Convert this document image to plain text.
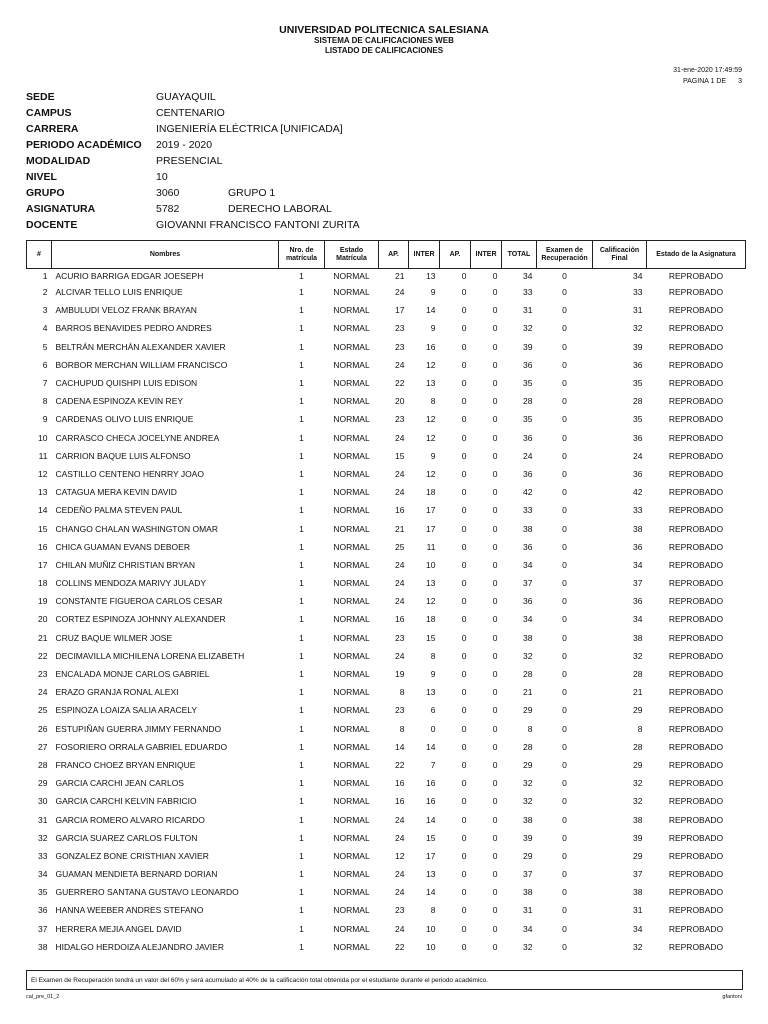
UNIVERSIDAD POLITECNICA SALESIANA
SISTEMA DE CALIFICACIONES WEB
LISTADO DE CALIFICACIONES
31-ene-2020 17:49:59
PAGINA 1 DE 3
SEDE	GUAYAQUIL
CAMPUS	CENTENARIO
CARRERA	INGENIERÍA ELÉCTRICA [UNIFICADA]
PERIODO ACADÉMICO	2019 - 2020
MODALIDAD	PRESENCIAL
NIVEL	10
GRUPO	3060	GRUPO 1
ASIGNATURA	5782	DERECHO LABORAL
DOCENTE	GIOVANNI FRANCISCO FANTONI ZURITA
#	Nombres	Nro. de matrícula	Estado Matrícula	AP.	INTER	AP.	INTER	TOTAL	Examen de Recuperación	Calificación Final	Estado de la Asignatura
1	ACURIO BARRIGA EDGAR JOESEPH	1	NORMAL	21	13	0	0	34	0	34	REPROBADO
2	ALCIVAR TELLO LUIS ENRIQUE	1	NORMAL	24	9	0	0	33	0	33	REPROBADO
3	AMBULUDI VELOZ FRANK BRAYAN	1	NORMAL	17	14	0	0	31	0	31	REPROBADO
4	BARROS BENAVIDES PEDRO ANDRES	1	NORMAL	23	9	0	0	32	0	32	REPROBADO
5	BELTRÁN MERCHÁN ALEXANDER XAVIER	1	NORMAL	23	16	0	0	39	0	39	REPROBADO
6	BORBOR MERCHAN WILLIAM FRANCISCO	1	NORMAL	24	12	0	0	36	0	36	REPROBADO
7	CACHUPUD QUISHPI LUIS EDISON	1	NORMAL	22	13	0	0	35	0	35	REPROBADO
8	CADENA ESPINOZA KEVIN REY	1	NORMAL	20	8	0	0	28	0	28	REPROBADO
9	CARDENAS OLIVO LUIS ENRIQUE	1	NORMAL	23	12	0	0	35	0	35	REPROBADO
10	CARRASCO CHECA JOCELYNE ANDREA	1	NORMAL	24	12	0	0	36	0	36	REPROBADO
11	CARRION BAQUE LUIS ALFONSO	1	NORMAL	15	9	0	0	24	0	24	REPROBADO
12	CASTILLO CENTENO HENRRY JOAO	1	NORMAL	24	12	0	0	36	0	36	REPROBADO
13	CATAGUA MERA KEVIN DAVID	1	NORMAL	24	18	0	0	42	0	42	REPROBADO
14	CEDEÑO PALMA STEVEN PAUL	1	NORMAL	16	17	0	0	33	0	33	REPROBADO
15	CHANGO CHALAN WASHINGTON OMAR	1	NORMAL	21	17	0	0	38	0	38	REPROBADO
16	CHICA GUAMAN EVANS DEBOER	1	NORMAL	25	11	0	0	36	0	36	REPROBADO
17	CHILAN MUÑIZ CHRISTIAN BRYAN	1	NORMAL	24	10	0	0	34	0	34	REPROBADO
18	COLLINS MENDOZA MARIVY JULADY	1	NORMAL	24	13	0	0	37	0	37	REPROBADO
19	CONSTANTE FIGUEROA CARLOS CESAR	1	NORMAL	24	12	0	0	36	0	36	REPROBADO
20	CORTEZ ESPINOZA JOHNNY ALEXANDER	1	NORMAL	16	18	0	0	34	0	34	REPROBADO
21	CRUZ BAQUE WILMER JOSE	1	NORMAL	23	15	0	0	38	0	38	REPROBADO
22	DECIMAVILLA MICHILENA LORENA ELIZABETH	1	NORMAL	24	8	0	0	32	0	32	REPROBADO
23	ENCALADA MONJE CARLOS GABRIEL	1	NORMAL	19	9	0	0	28	0	28	REPROBADO
24	ERAZO GRANJA RONAL ALEXI	1	NORMAL	8	13	0	0	21	0	21	REPROBADO
25	ESPINOZA LOAIZA SALIA ARACELY	1	NORMAL	23	6	0	0	29	0	29	REPROBADO
26	ESTUPIÑAN GUERRA JIMMY FERNANDO	1	NORMAL	8	0	0	0	8	0	8	REPROBADO
27	FOSORIERO ORRALA GABRIEL EDUARDO	1	NORMAL	14	14	0	0	28	0	28	REPROBADO
28	FRANCO CHOEZ BRYAN ENRIQUE	1	NORMAL	22	7	0	0	29	0	29	REPROBADO
29	GARCIA CARCHI JEAN CARLOS	1	NORMAL	16	16	0	0	32	0	32	REPROBADO
30	GARCIA CARCHI KELVIN FABRICIO	1	NORMAL	16	16	0	0	32	0	32	REPROBADO
31	GARCIA ROMERO ALVARO RICARDO	1	NORMAL	24	14	0	0	38	0	38	REPROBADO
32	GARCIA SUAREZ CARLOS FULTON	1	NORMAL	24	15	0	0	39	0	39	REPROBADO
33	GONZALEZ BONE CRISTHIAN XAVIER	1	NORMAL	12	17	0	0	29	0	29	REPROBADO
34	GUAMAN MENDIETA BERNARD DORIAN	1	NORMAL	24	13	0	0	37	0	37	REPROBADO
35	GUERRERO SANTANA GUSTAVO LEONARDO	1	NORMAL	24	14	0	0	38	0	38	REPROBADO
36	HANNA WEEBER ANDRES STEFANO	1	NORMAL	23	8	0	0	31	0	31	REPROBADO
37	HERRERA MEJIA ANGEL DAVID	1	NORMAL	24	10	0	0	34	0	34	REPROBADO
38	HIDALGO HERDOIZA ALEJANDRO JAVIER	1	NORMAL	22	10	0	0	32	0	32	REPROBADO
El Examen de Recuperación tendrá un valor del 60% y será acumulado al 40% de la calificación total obtenida por el estudiante durante el periodo académico.
cal_pre_01_2	gfantoni
